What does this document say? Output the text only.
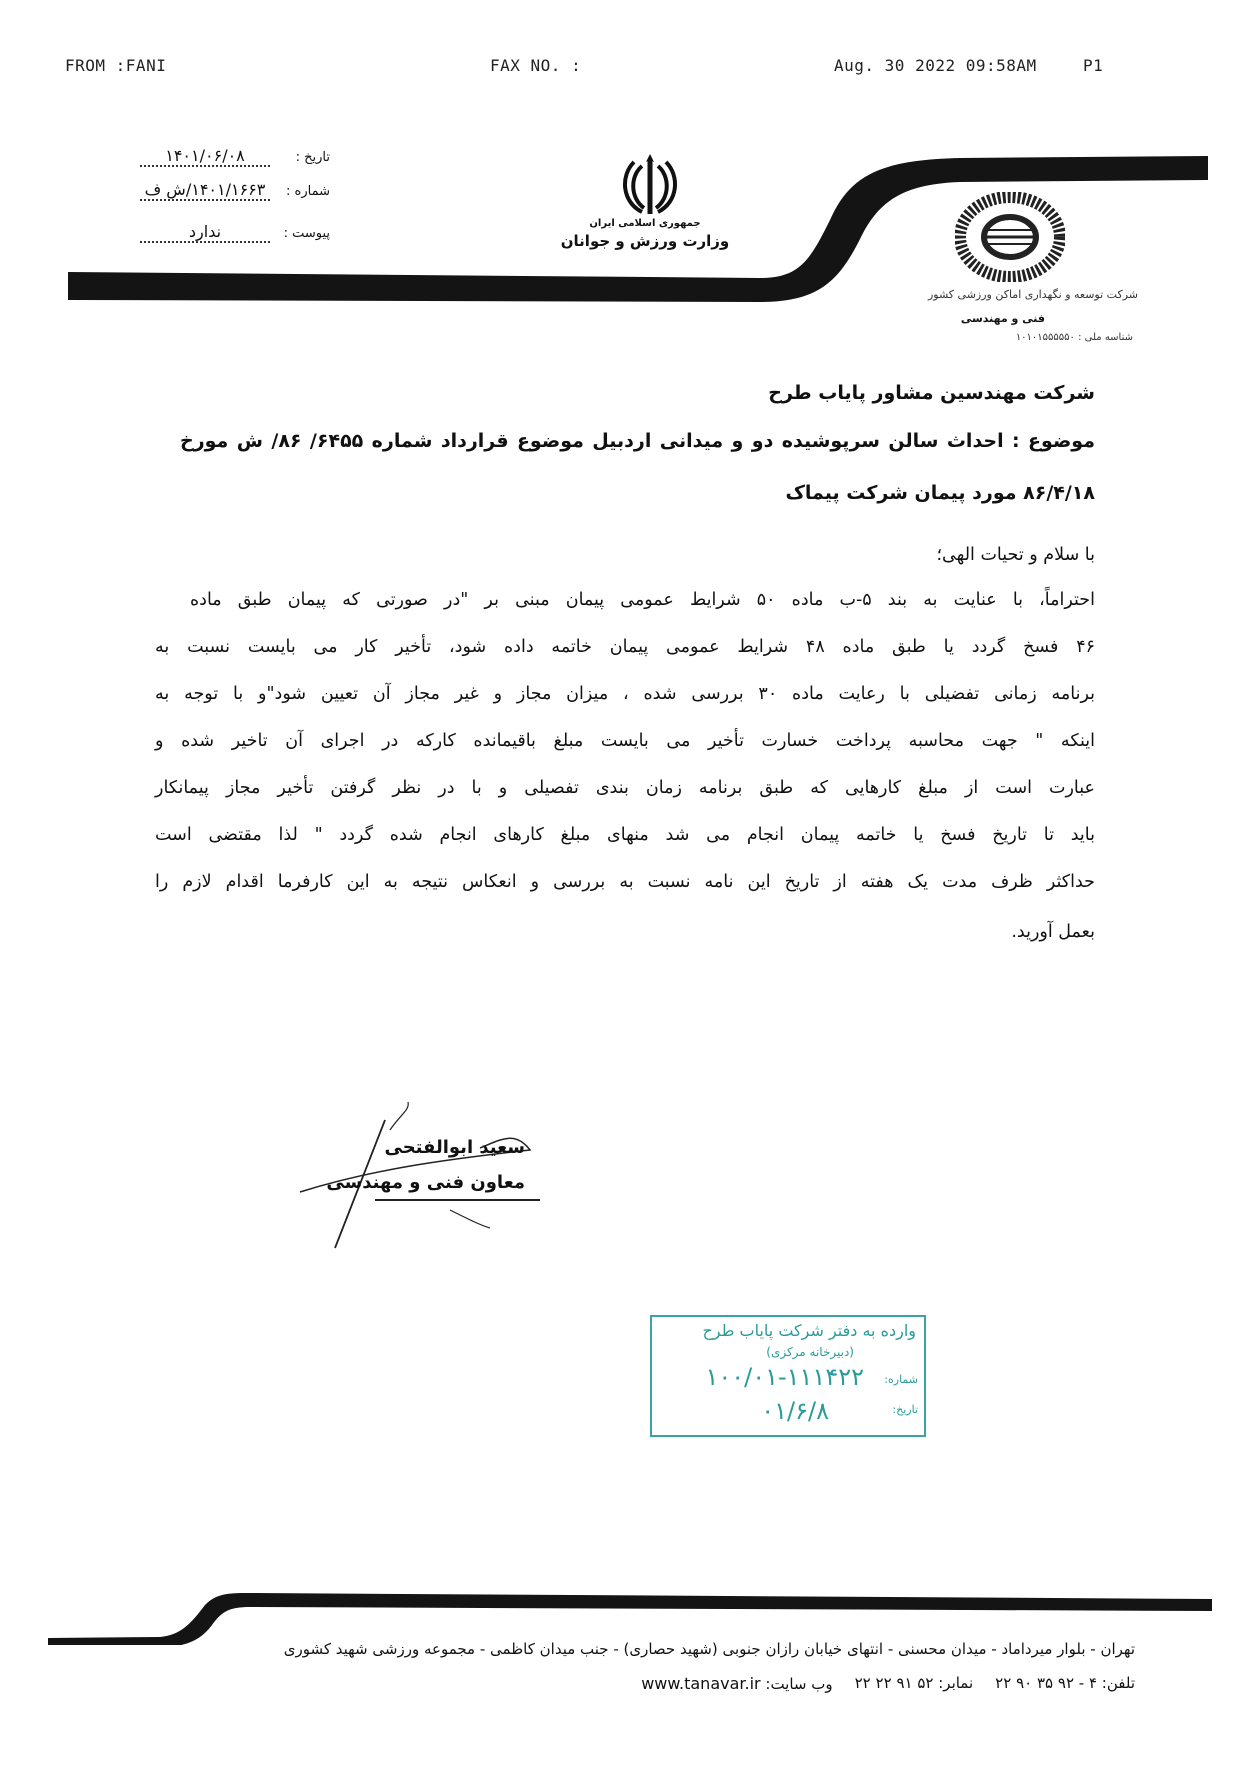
FROM :FANI	FAX NO. :	Aug. 30 2022 09:58AM	P1
جمهوری اسلامی ایران
وزارت ورزش و جوانان
تاریخ :۱۴۰۱/۰۶/۰۸
شماره :۱۴۰۱/۱۶۶۳/ش ف
پیوست :ندارد
شرکت توسعه و نگهداری اماکن ورزشی کشور
فنی و مهندسی
شناسه ملی : ۱۰۱۰۱۵۵۵۵۵۰
شرکت مهندسین مشاور پایاب طرح
موضوع : احداث سالن سرپوشیده دو و میدانی اردبیل موضوع قرارداد شماره ۶۴۵۵/ ۸۶/ ش مورخ
۸۶/۴/۱۸ مورد پیمان شرکت پیماک
با سلام و تحیات الهی؛
احتراماً، با عنایت به بند ۵-ب ماده ۵۰ شرایط عمومی پیمان مبنی بر "در صورتی که پیمان طبق ماده
۴۶ فسخ گردد یا طبق ماده ۴۸ شرایط عمومی پیمان خاتمه داده شود، تأخیر کار می بایست نسبت به
برنامه زمانی تفضیلی با رعایت ماده ۳۰ بررسی شده ، میزان مجاز و غیر مجاز آن تعیین شود"و با توجه به
اینکه " جهت محاسبه پرداخت خسارت تأخیر می بایست مبلغ باقیمانده کارکه در اجرای آن تاخیر شده و
عبارت است از مبلغ کارهایی که طبق برنامه زمان بندی تفصیلی و با در نظر گرفتن تأخیر مجاز پیمانکار
باید تا تاریخ فسخ یا خاتمه پیمان انجام می شد منهای مبلغ کارهای انجام شده گردد " لذا مقتضی است
حداکثر ظرف مدت یک هفته از تاریخ این نامه نسبت به بررسی و انعکاس نتیجه به این کارفرما اقدام لازم را
بعمل آورید.
سعید ابوالفتحی
معاون فنی و مهندسی
وارده به دفتر شرکت پایاب طرح
(دبیرخانه مرکزی)
شماره:
۱۰۰/۰۱-۱۱۱۴۲۲
تاریخ:
۰۱/۶/۸
تهران - بلوار میرداماد - میدان محسنی - انتهای خیابان رازان جنوبی (شهید حصاری) - جنب میدان کاظمی - مجموعه ورزشی شهید کشوری
تلفن: ۴ - ۹۲ ۳۵ ۹۰ ۲۲
نمابر: ۵۲ ۹۱ ۲۲ ۲۲
وب سایت: www.tanavar.ir
